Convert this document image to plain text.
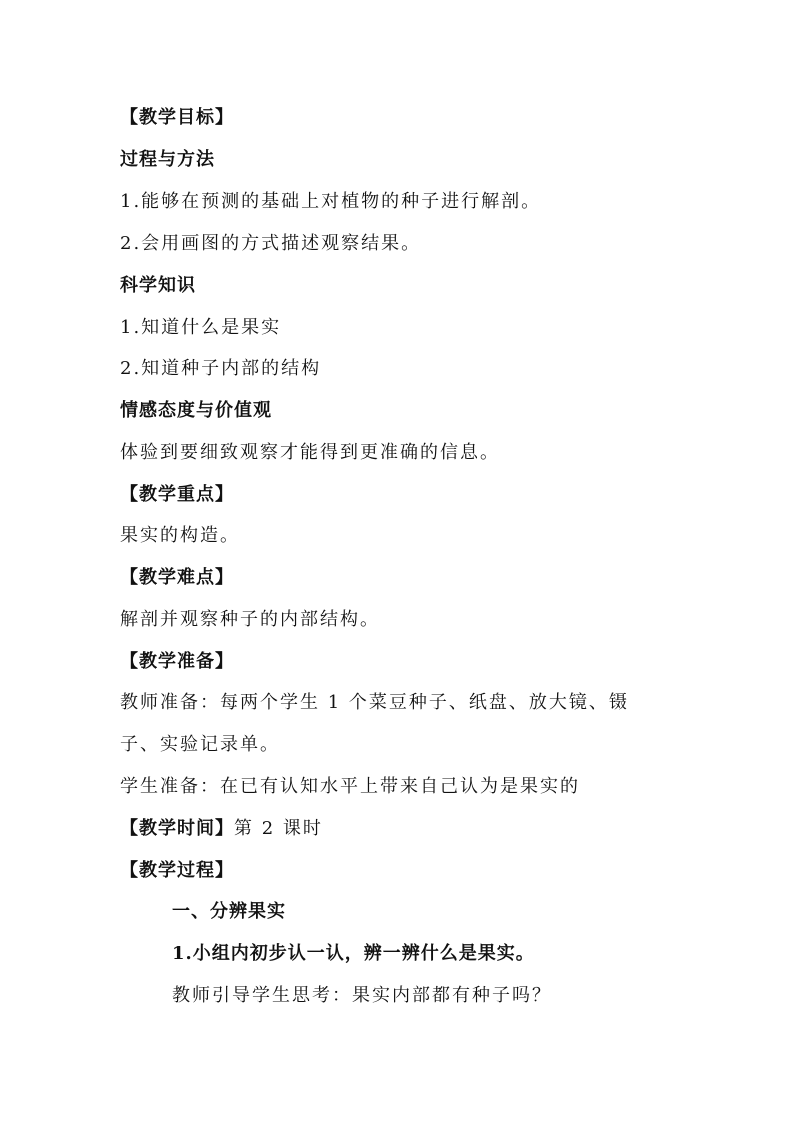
【教学目标】
过程与方法
1.能够在预测的基础上对植物的种子进行解剖。
2.会用画图的方式描述观察结果。
科学知识
1.知道什么是果实
2.知道种子内部的结构
情感态度与价值观
体验到要细致观察才能得到更准确的信息。
【教学重点】
果实的构造。
【教学难点】
解剖并观察种子的内部结构。
【教学准备】
教师准备：每两个学生 1 个菜豆种子、纸盘、放大镜、镊
子、实验记录单。
学生准备：在已有认知水平上带来自己认为是果实的
【教学时间】第 2 课时
【教学过程】
一、分辨果实
1.小组内初步认一认，辨一辨什么是果实。
教师引导学生思考：果实内部都有种子吗？
